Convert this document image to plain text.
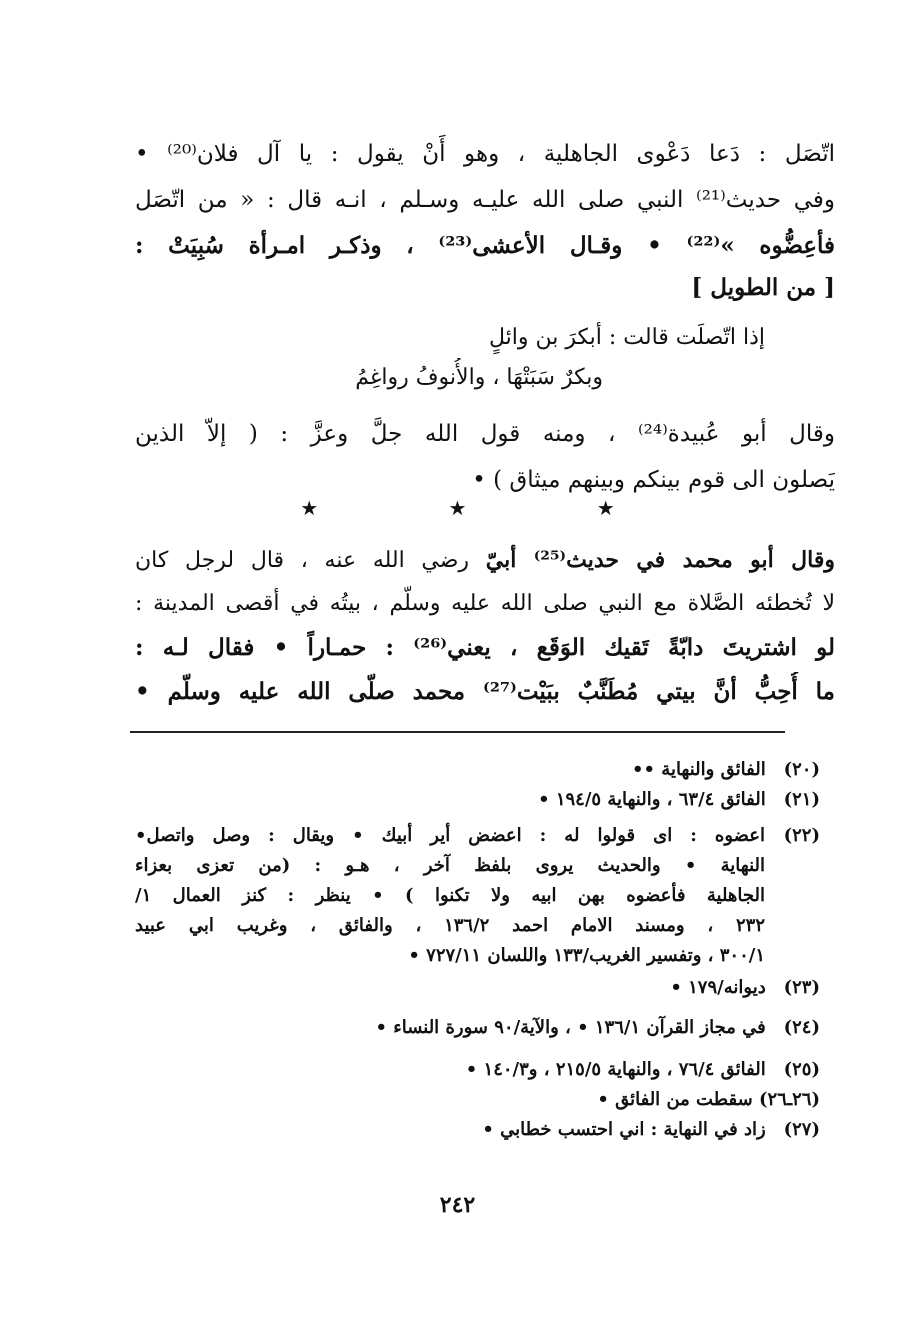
اتّصَل : دَعا دَعْوى الجاهلية ، وهو أَنْ يقول : يا آل فلان⁽²⁰⁾ •
وفي حديث⁽²¹⁾ النبي صلى الله عليـه وسـلم ، انـه قال : « من اتّصَل
فأعِضُّوه »⁽²²⁾ • وقـال الأعشى⁽²³⁾ ، وذكـر امـرأة سُبِيَتْ :
[ من الطويل ]
إذا اتّصلَت قالت : أبكرَ بن وائلٍ
وبكرٌ سَبَتْهَا ، والأُنوفُ رواغِمُ
وقال أبو عُبيدة⁽²⁴⁾ ، ومنه قول الله جلَّ وعزَّ : ( إلاّ الذين
يَصلون الى قوم بينكم وبينهم ميثاق ) •
★ ★ ★
وقال أبو محمد في حديث⁽²⁵⁾ أبيّ رضي الله عنه ، قال لرجل كان
لا تُخطئه الصَّلاة مع النبي صلى الله عليه وسلّم ، بيتُه في أقصى المدينة :
لو اشتريتَ دابّةً تَقيك الوَقَع ، يعني⁽²⁶⁾ : حمـاراً • فقال لـه :
ما أُحِبُّ أنَّ بيتي مُطَنَّبٌ ببَيْت⁽²⁷⁾ محمد صلّى الله عليه وسلّم •
(٢٠) الفائق والنهاية ••
(٢١) الفائق ٦٣/٤ ، والنهاية ١٩٤/٥ •
(٢٢)
اعضوه : اى قولوا له : اعضض أير أبيك • ويقال : وصل واتصل•
النهاية • والحديث يروى بلفظ آخر ، هـو : (من تعزى بعزاء
الجاهلية فأعضوه بهن ابيه ولا تكنوا ) • ينظر : كنز العمال ١/
٢٣٢ ، ومسند الامام احمد ١٣٦/٢ ، والفائق ، وغريب ابي عبيد
٣٠٠/١ ، وتفسير الغريب/١٣٣ واللسان ٧٢٧/١١ •
(٢٣) ديوانه/١٧٩ •
(٢٤) في مجاز القرآن ١٣٦/١ • ، والآية/٩٠ سورة النساء •
(٢٥) الفائق ٧٦/٤ ، والنهاية ٢١٥/٥ ، و١٤٠/٣ •
(٢٦ـ٢٦) سقطت من الفائق •
(٢٧) زاد في النهاية : اني احتسب خطابي •
٢٤٢
